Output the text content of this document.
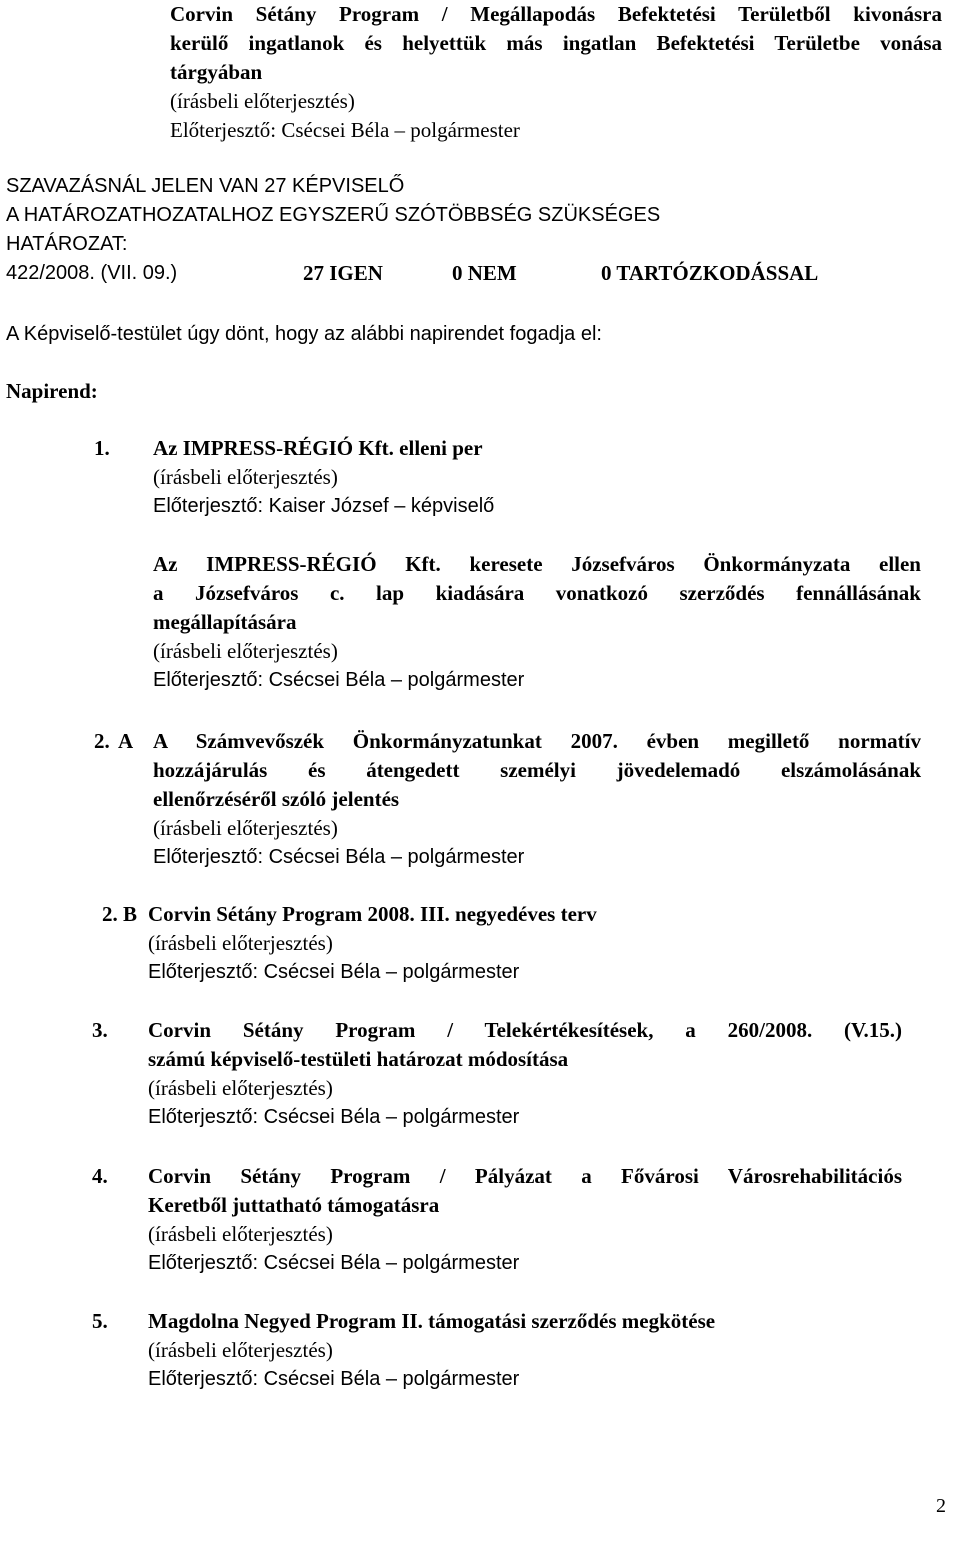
Corvin Sétány Program / Megállapodás Befektetési Területből kivonásra
kerülő ingatlanok és helyettük más ingatlan Befektetési Területbe vonása
tárgyában
(írásbeli előterjesztés)
Előterjesztő: Csécsei Béla – polgármester
SZAVAZÁSNÁL JELEN VAN 27 KÉPVISELŐ
A HATÁROZATHOZATALHOZ EGYSZERŰ SZÓTÖBBSÉG SZÜKSÉGES
HATÁROZAT:
422/2008. (VII. 09.)	27 IGEN	0 NEM	0 TARTÓZKODÁSSAL
A Képviselő-testület úgy dönt, hogy az alábbi napirendet fogadja el:
Napirend:
1. Az IMPRESS-RÉGIÓ Kft. elleni per
(írásbeli előterjesztés)
Előterjesztő: Kaiser József – képviselő
Az IMPRESS-RÉGIÓ Kft. keresete Józsefváros Önkormányzata ellen
a Józsefváros c. lap kiadására vonatkozó szerződés fennállásának
megállapítására
(írásbeli előterjesztés)
Előterjesztő: Csécsei Béla – polgármester
2. A A Számvevőszék Önkormányzatunkat 2007. évben megillető normatív
hozzájárulás és átengedett személyi jövedelemadó elszámolásának
ellenőrzéséről szóló jelentés
(írásbeli előterjesztés)
Előterjesztő: Csécsei Béla – polgármester
2. B Corvin Sétány Program 2008. III. negyedéves terv
(írásbeli előterjesztés)
Előterjesztő: Csécsei Béla – polgármester
3. Corvin Sétány Program / Telekértékesítések, a 260/2008. (V.15.)
számú képviselő-testületi határozat módosítása
(írásbeli előterjesztés)
Előterjesztő: Csécsei Béla – polgármester
4. Corvin Sétány Program / Pályázat a Fővárosi Városrehabilitációs
Keretből juttatható támogatásra
(írásbeli előterjesztés)
Előterjesztő: Csécsei Béla – polgármester
5. Magdolna Negyed Program II. támogatási szerződés megkötése
(írásbeli előterjesztés)
Előterjesztő: Csécsei Béla – polgármester
2
